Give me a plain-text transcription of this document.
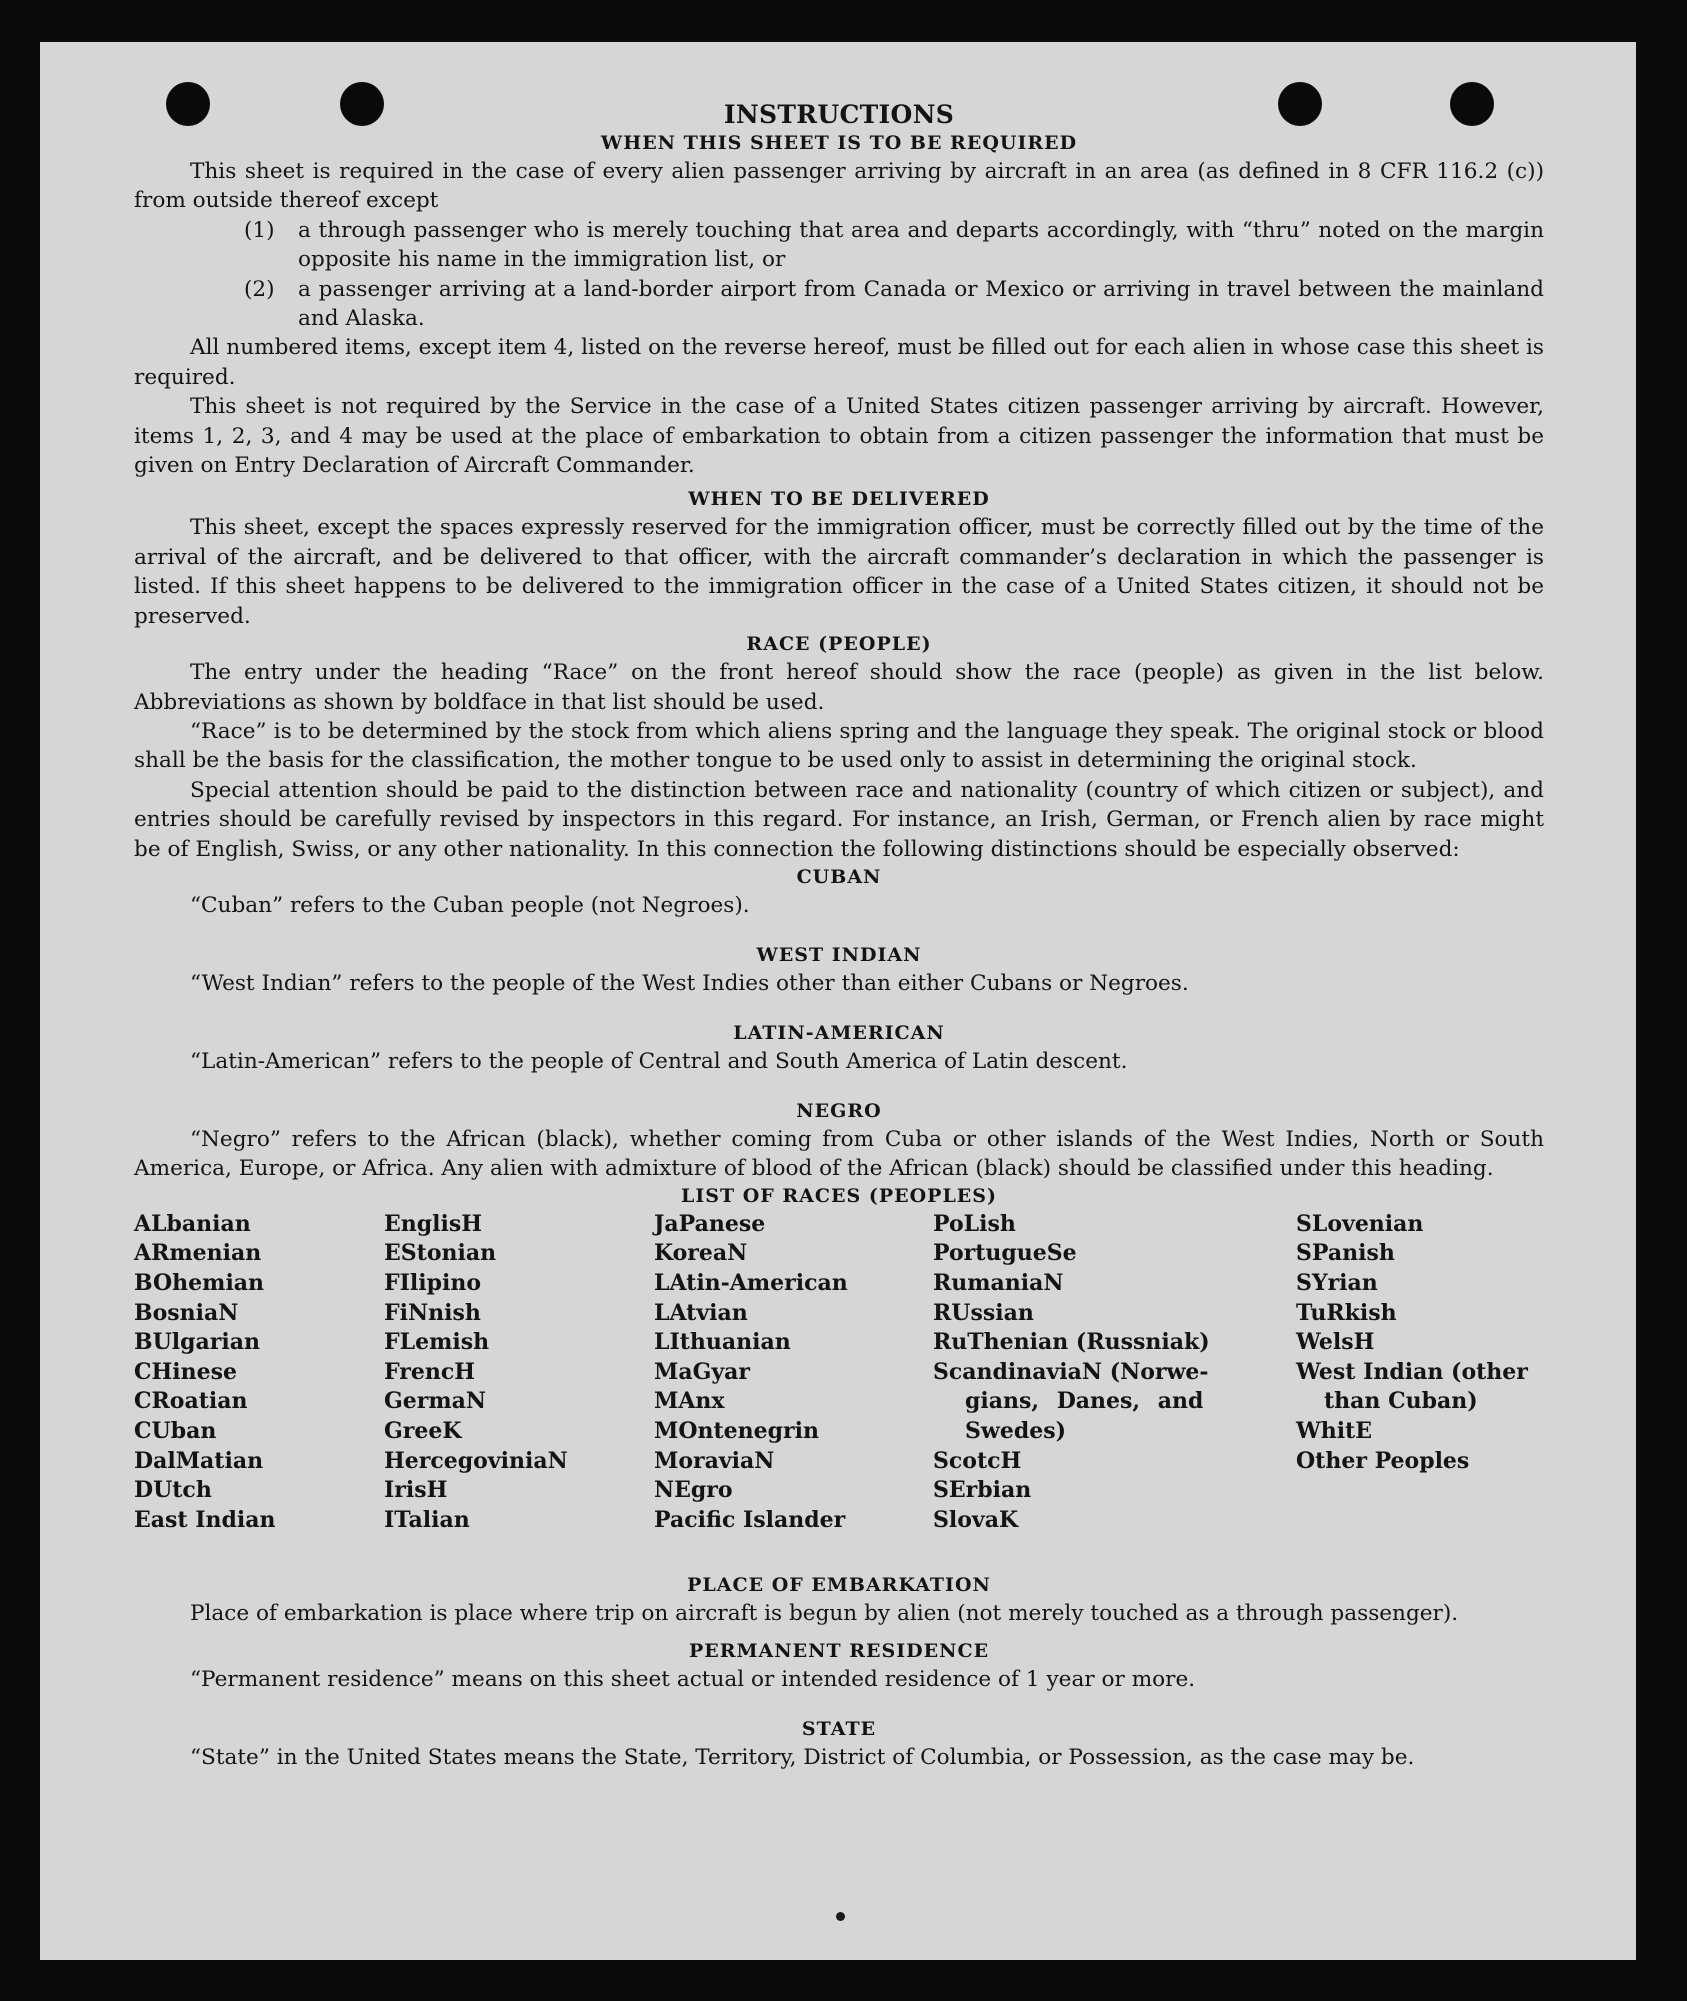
INSTRUCTIONS
WHEN THIS SHEET IS TO BE REQUIRED

This sheet is required in the case of every alien passenger arriving by aircraft in an area (as defined in 8 CFR 116.2 (c)) from outside thereof except

(1)	a through passenger who is merely touching that area and departs accordingly, with “thru” noted on the margin opposite his name in the immigration list, or
(2)	a passenger arriving at a land-border airport from Canada or Mexico or arriving in travel between the mainland and Alaska.

All numbered items, except item 4, listed on the reverse hereof, must be filled out for each alien in whose case this sheet is required.

This sheet is not required by the Service in the case of a United States citizen passenger arriving by aircraft. However, items 1, 2, 3, and 4 may be used at the place of embarkation to obtain from a citizen passenger the information that must be given on Entry Declaration of Aircraft Commander.

WHEN TO BE DELIVERED

This sheet, except the spaces expressly reserved for the immigration officer, must be correctly filled out by the time of the arrival of the aircraft, and be delivered to that officer, with the aircraft commander’s declaration in which the passenger is listed. If this sheet happens to be delivered to the immigration officer in the case of a United States citizen, it should not be preserved.

RACE (PEOPLE)

The entry under the heading “Race” on the front hereof should show the race (people) as given in the list below. Abbreviations as shown by boldface in that list should be used.

“Race” is to be determined by the stock from which aliens spring and the language they speak. The original stock or blood shall be the basis for the classification, the mother tongue to be used only to assist in determining the original stock.

Special attention should be paid to the distinction between race and nationality (country of which citizen or subject), and entries should be carefully revised by inspectors in this regard. For instance, an Irish, German, or French alien by race might be of English, Swiss, or any other nationality. In this connection the following distinctions should be especially observed:

CUBAN

“Cuban” refers to the Cuban people (not Negroes).

WEST INDIAN

“West Indian” refers to the people of the West Indies other than either Cubans or Negroes.

LATIN-AMERICAN

“Latin-American” refers to the people of Central and South America of Latin descent.

NEGRO

“Negro” refers to the African (black), whether coming from Cuba or other islands of the West Indies, North or South America, Europe, or Africa. Any alien with admixture of blood of the African (black) should be classified under this heading.

LIST OF RACES (PEOPLES)
ALbanian
ARmenian
BOhemian
BosniaN
BUlgarian
CHinese
CRoatian
CUban
DalMatian
DUtch
East Indian
EnglisH
EStonian
FIlipino
FiNnish
FLemish
FrencH
GermaN
GreeK
HercegoviniaN
IrisH
ITalian
JaPanese
KoreaN
LAtin-American
LAtvian
LIthuanian
MaGyar
MAnx
MOntenegrin
MoraviaN
NEgro
Pacific Islander
PoLish
PortugueSe
RumaniaN
RUssian
RuThenian (Russniak)
ScandinaviaN (Norwe-
gians, Danes, and
Swedes)
ScotcH
SErbian
SlovaK
SLovenian
SPanish
SYrian
TuRkish
WelsH
West Indian (other
than Cuban)
WhitE
Other Peoples
PLACE OF EMBARKATION

Place of embarkation is place where trip on aircraft is begun by alien (not merely touched as a through passenger).

PERMANENT RESIDENCE

“Permanent residence” means on this sheet actual or intended residence of 1 year or more.

STATE

“State” in the United States means the State, Territory, District of Columbia, or Possession, as the case may be.
